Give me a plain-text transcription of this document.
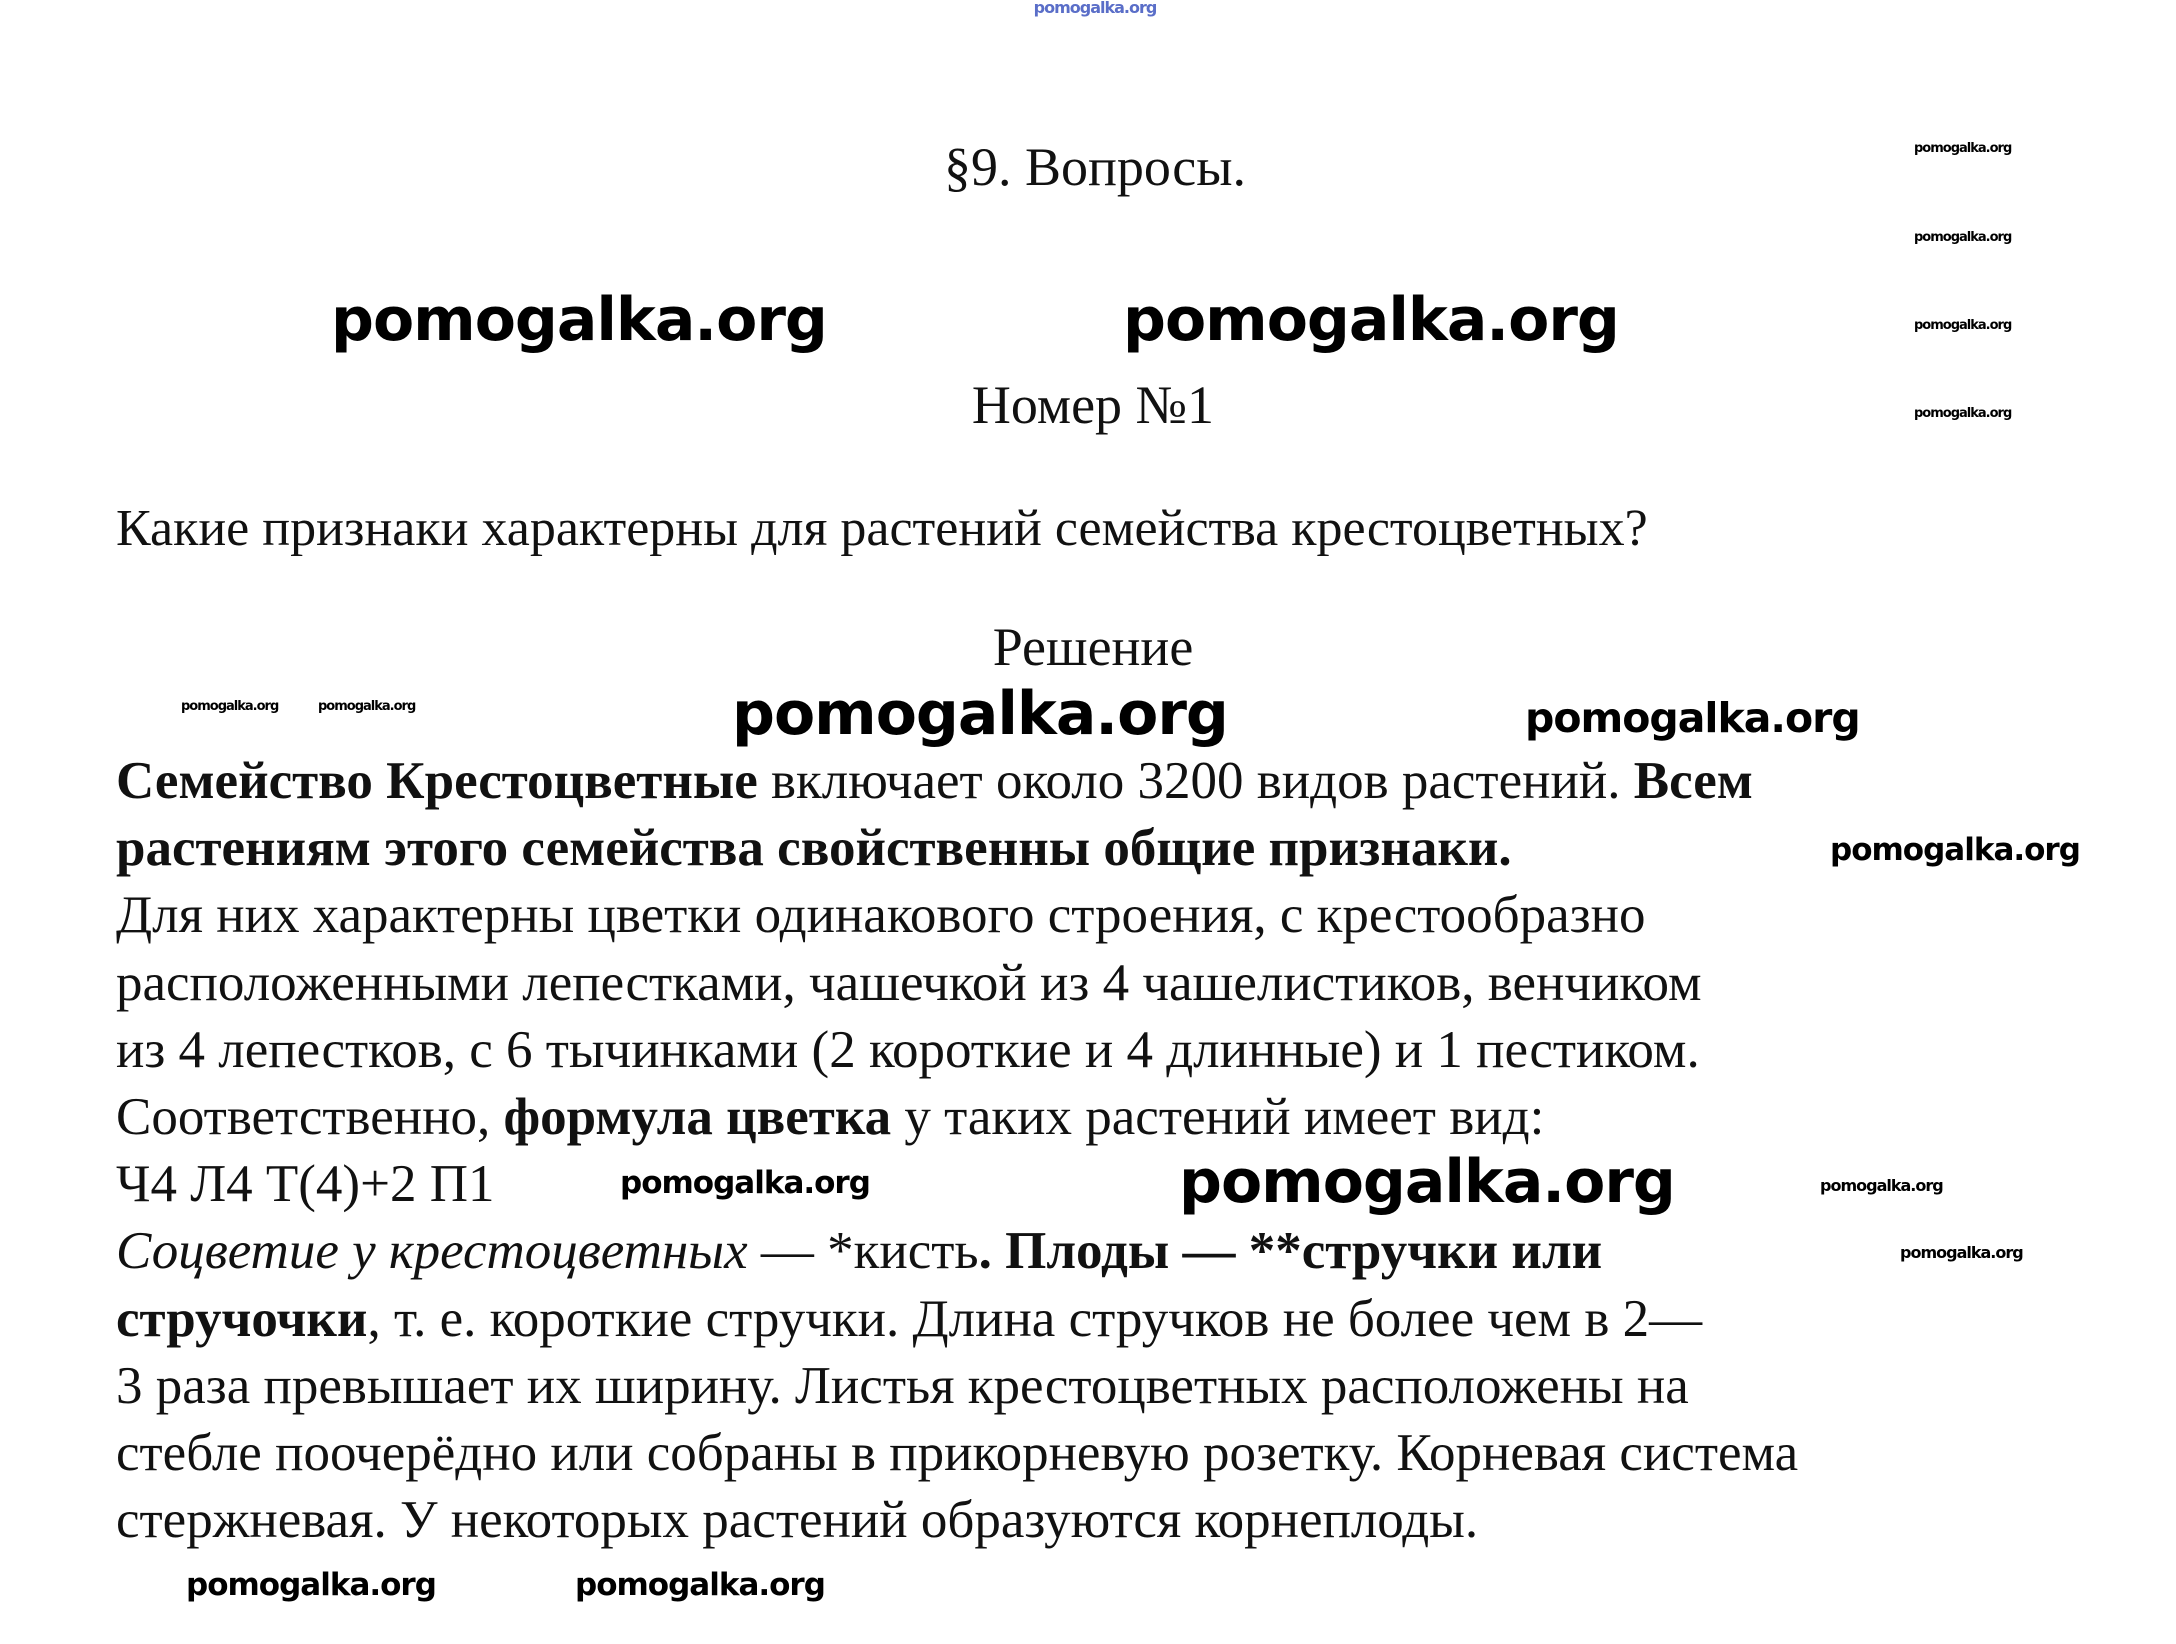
pomogalka.org
§9. Вопросы.	pomogalka.org
pomogalka.org
pomogalka.org
pomogalka.org
pomogalka.org	pomogalka.org
Номер №1
Какие признаки характерны для растений семейства крестоцветных?
Решение
pomogalka.org	pomogalka.org	pomogalka.org	pomogalka.org
Семейство Крестоцветные включает около 3200 видов растений. Всем
растениям этого семейства свойственны общие признаки.
Для них характерны цветки одинакового строения, с крестообразно
расположенными лепестками, чашечкой из 4 чашелистиков, венчиком
из 4 лепестков, с 6 тычинками (2 короткие и 4 длинные) и 1 пестиком.
Соответственно, формула цветка у таких растений имеет вид:
Ч4 Л4 Т(4)+2 П1
Соцветие у крестоцветных — *кисть. Плоды — **стручки или
стручочки, т. е. короткие стручки. Длина стручков не более чем в 2—
3 раза превышает их ширину. Листья крестоцветных расположены на
стебле поочерёдно или собраны в прикорневую розетку. Корневая система
стержневая. У некоторых растений образуются корнеплоды.
pomogalka.org
pomogalka.org
pomogalka.org
pomogalka.org
pomogalka.org
pomogalka.org	pomogalka.org
